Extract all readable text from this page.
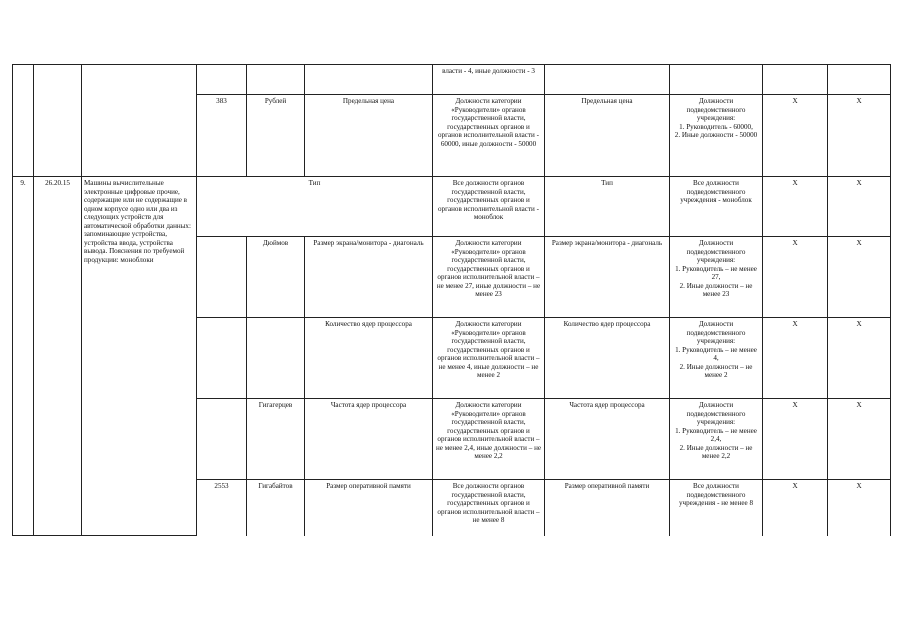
						власти - 4, иные должности - 3				
			383	Рублей	Предельная цена	Должности категории «Руководители» органов государственной власти, государственных органов и органов исполнительной власти - 60000, иные должности - 50000	Предельная цена	Должности подведомственного учреждения:
1. Руководитель - 60000,
2. Иные должности - 50000	X	X
9.	26.20.15	Машины вычислительные электронные цифровые прочие, содержащие или не содержащие в одном корпусе одно или два из следующих устройств для автоматической обработки данных: запоминающие устройства, устройства ввода, устройства вывода. Пояснения по требуемой продукции: моноблоки	Тип			Все должности органов государственной власти, государственных органов и органов исполнительной власти - моноблок	Тип	Все должности подведомственного учреждения - моноблок	X	X
				Дюймов	Размер экрана/монитора - диагональ	Должности категории «Руководители» органов государственной власти, государственных органов и органов исполнительной власти – не менее 27, иные должности – не менее 23	Размер экрана/монитора - диагональ	Должности подведомственного учреждения:
1. Руководитель – не менее 27,
2. Иные должности – не менее 23	X	X
					Количество ядер процессора	Должности категории «Руководители» органов государственной власти, государственных органов и органов исполнительной власти – не менее 4, иные должности – не менее 2	Количество ядер процессора	Должности подведомственного учреждения:
1. Руководитель – не менее 4,
2. Иные должности – не менее 2	X	X
				Гигагерцев	Частота ядер процессора	Должности категории «Руководители» органов государственной власти, государственных органов и органов исполнительной власти – не менее 2,4, иные должности – не менее 2,2	Частота ядер процессора	Должности подведомственного учреждения:
1. Руководитель – не менее 2,4,
2. Иные должности – не менее 2,2	X	X
			2553	Гигабайтов	Размер оперативной памяти	Все должности органов государственной власти, государственных органов и органов исполнительной власти – не менее 8	Размер оперативной памяти	Все должности подведомственного учреждения - не менее 8	X	X
